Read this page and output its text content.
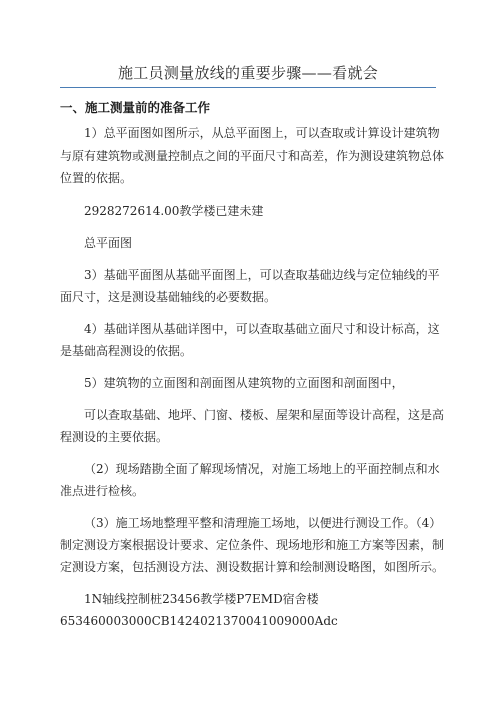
施工员测量放线的重要步骤——看就会
一、施工测量前的准备工作

1）总平面图如图所示，从总平面图上，可以查取或计算设计建筑物

与原有建筑物或测量控制点之间的平面尺寸和高差，作为测设建筑物总体

位置的依据。

2928272614.00教学楼已建未建

总平面图

3）基础平面图从基础平面图上，可以查取基础边线与定位轴线的平

面尺寸，这是测设基础轴线的必要数据。

4）基础详图从基础详图中，可以查取基础立面尺寸和设计标高，这

是基础高程测设的依据。

5）建筑物的立面图和剖面图从建筑物的立面图和剖面图中，

可以查取基础、地坪、门窗、楼板、屋架和屋面等设计高程，这是高

程测设的主要依据。

（2）现场踏勘全面了解现场情况，对施工场地上的平面控制点和水

准点进行检核。

（3）施工场地整理平整和清理施工场地，以便进行测设工作。（4）

制定测设方案根据设计要求、定位条件、现场地形和施工方案等因素，制

定测设方案，包括测设方法、测设数据计算和绘制测设略图，如图所示。

1N轴线控制桩23456教学楼P7EMD宿舍楼

653460003000CB1424021370041009000Adc
